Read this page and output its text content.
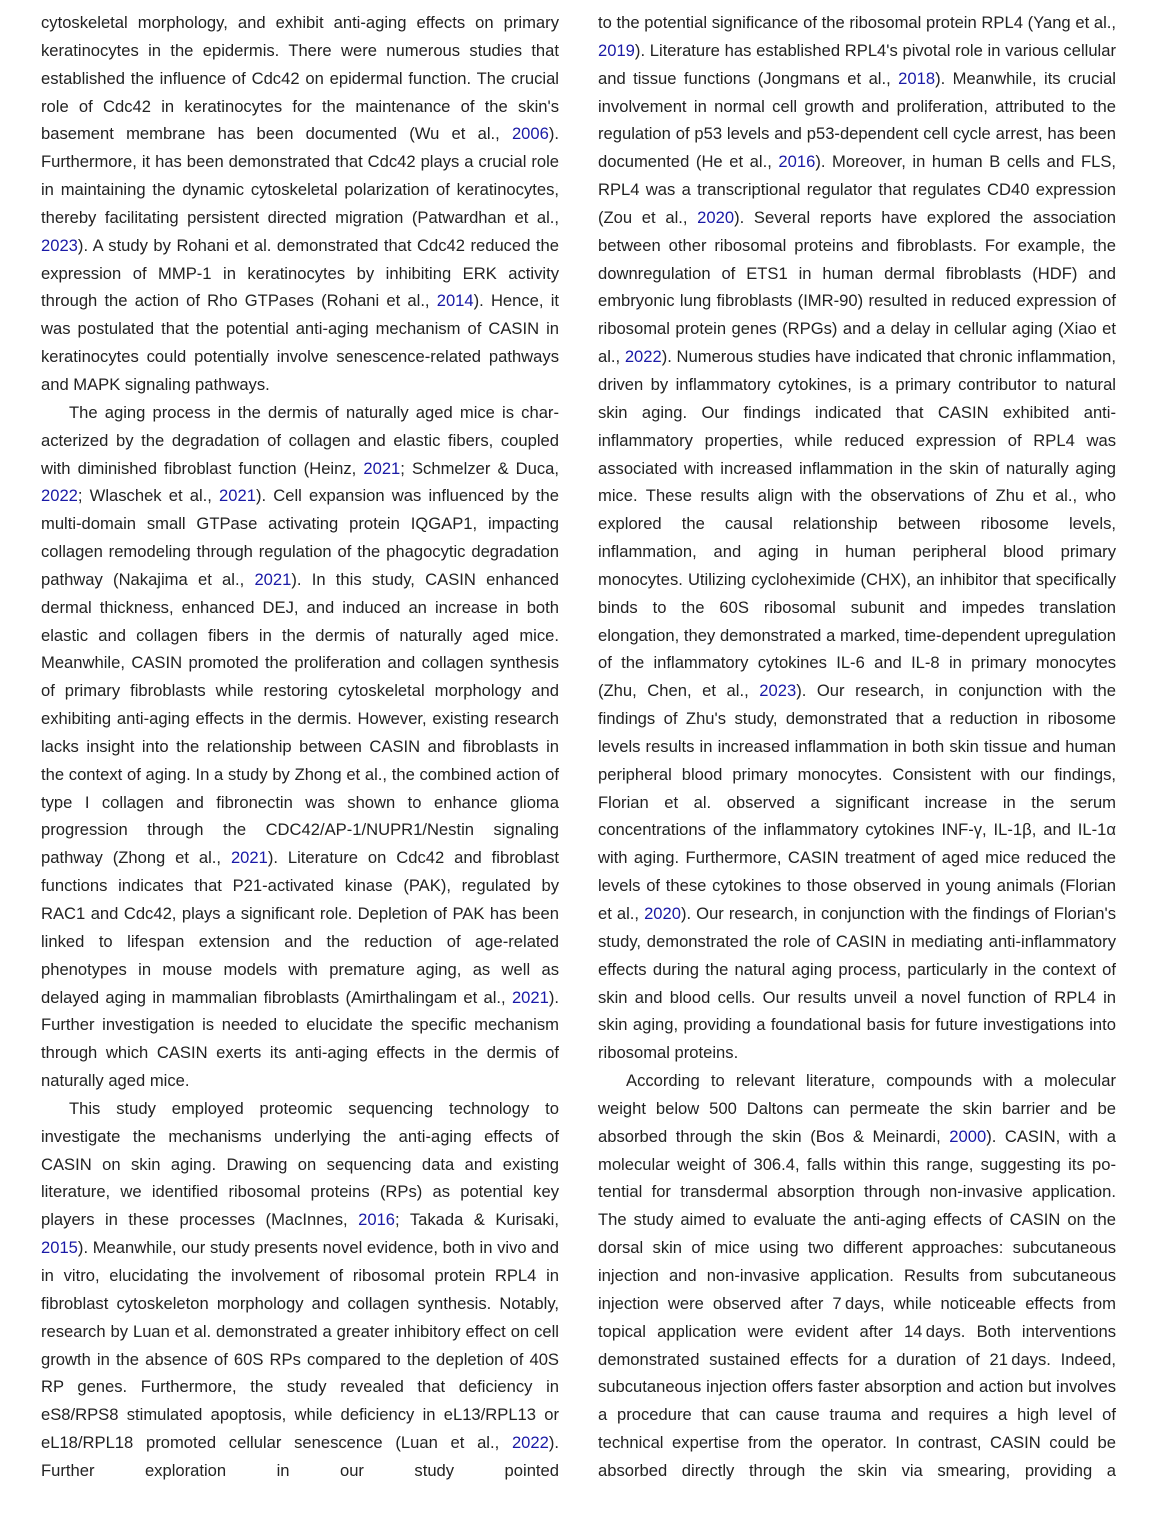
cytoskeletal morphology, and exhibit anti-aging effects on primary keratinocytes in the epidermis. There were numerous studies that established the influence of Cdc42 on epidermal function. The crucial role of Cdc42 in keratinocytes for the maintenance of the skin's basement membrane has been documented (Wu et al., 2006). Furthermore, it has been demonstrated that Cdc42 plays a crucial role in maintaining the dynamic cytoskeletal polarization of keratinocytes, thereby facilitating persistent directed migration (Patwardhan et al., 2023). A study by Rohani et al. demonstrated that Cdc42 reduced the expression of MMP-1 in keratinocytes by inhibiting ERK activity through the action of Rho GTPases (Rohani et al., 2014). Hence, it was postulated that the potential anti-aging mechanism of CASIN in keratinocytes could potentially involve senescence-related pathways and MAPK signaling pathways.

The aging process in the dermis of naturally aged mice is characterized by the degradation of collagen and elastic fibers, coupled with diminished fibroblast function (Heinz, 2021; Schmelzer & Duca, 2022; Wlaschek et al., 2021). Cell expansion was influenced by the multi-domain small GTPase activating protein IQGAP1, impacting collagen remodeling through regulation of the phagocytic degradation pathway (Nakajima et al., 2021). In this study, CASIN enhanced dermal thickness, enhanced DEJ, and induced an increase in both elastic and collagen fibers in the dermis of naturally aged mice. Meanwhile, CASIN promoted the proliferation and collagen synthesis of primary fibroblasts while restoring cytoskeletal morphology and exhibiting anti-aging effects in the dermis. However, existing research lacks insight into the relationship between CASIN and fibroblasts in the context of aging. In a study by Zhong et al., the combined action of type I collagen and fibronectin was shown to enhance glioma progression through the CDC42/AP-1/NUPR1/​Nestin signaling pathway (Zhong et al., 2021). Literature on Cdc42 and fibroblast functions indicates that P21-activated kinase (PAK), regulated by RAC1 and Cdc42, plays a significant role. Depletion of PAK has been linked to lifespan extension and the reduction of age-related phenotypes in mouse models with premature aging, as well as delayed aging in mammalian fibroblasts (Amirthalingam et al., 2021). Further investigation is needed to elucidate the specific mechanism through which CASIN exerts its anti-aging effects in the dermis of naturally aged mice.

This study employed proteomic sequencing technology to investigate the mechanisms underlying the anti-aging effects of CASIN on skin aging. Drawing on sequencing data and existing literature, we identified ribosomal proteins (RPs) as potential key players in these processes (MacInnes, 2016; Takada & Kurisaki, 2015). Meanwhile, our study presents novel evidence, both in vivo and in vitro, elucidating the involvement of ribosomal protein RPL4 in fibroblast cytoskeleton morphology and collagen synthesis. Notably, research by Luan et al. demonstrated a greater inhibitory effect on cell growth in the absence of 60S RPs compared to the depletion of 40S RP genes. Furthermore, the study revealed that deficiency in eS8/RPS8 stimulated apoptosis, while deficiency in eL13/RPL13 or eL18/RPL18 promoted cellular senescence (Luan et al., 2022). Further exploration in our study pointed

to the potential significance of the ribosomal protein RPL4 (Yang et al., 2019). Literature has established RPL4's pivotal role in various cellular and tissue functions (Jongmans et al., 2018). Meanwhile, its crucial involvement in normal cell growth and proliferation, attributed to the regulation of p53 levels and p53-dependent cell cycle arrest, has been documented (He et al., 2016). Moreover, in human B cells and FLS, RPL4 was a transcriptional regulator that regulates CD40 expression (Zou et al., 2020). Several reports have explored the association between other ribosomal proteins and fibroblasts. For example, the downregulation of ETS1 in human dermal fibroblasts (HDF) and embryonic lung fibroblasts (IMR-90) resulted in reduced expression of ribosomal protein genes (RPGs) and a delay in cellular aging (Xiao et al., 2022). Numerous studies have indicated that chronic inflammation, driven by inflammatory cytokines, is a primary contributor to natural skin aging. Our findings indicated that CASIN exhibited anti-inflammatory properties, while reduced expression of RPL4 was associated with increased inflammation in the skin of naturally aging mice. These results align with the observations of Zhu et al., who explored the causal relationship between ribosome levels, inflammation, and aging in human peripheral blood primary monocytes. Utilizing cycloheximide (CHX), an inhibitor that specifically binds to the 60S ribosomal subunit and impedes translation elongation, they demonstrated a marked, time-dependent upregulation of the inflammatory cytokines IL-6 and IL-8 in primary monocytes (Zhu, Chen, et al., 2023). Our research, in conjunction with the findings of Zhu's study, demonstrated that a reduction in ribosome levels results in increased inflammation in both skin tissue and human peripheral blood primary monocytes. Consistent with our findings, Florian et al. observed a significant increase in the serum concentrations of the inflammatory cytokines INF-γ, IL-1β, and IL-1α with aging. Furthermore, CASIN treatment of aged mice reduced the levels of these cytokines to those observed in young animals (Florian et al., 2020). Our research, in conjunction with the findings of Florian's study, demonstrated the role of CASIN in mediating anti-inflammatory effects during the natural aging process, particularly in the context of skin and blood cells. Our results unveil a novel function of RPL4 in skin aging, providing a foundational basis for future investigations into ribosomal proteins.

According to relevant literature, compounds with a molecular weight below 500 Daltons can permeate the skin barrier and be absorbed through the skin (Bos & Meinardi, 2000). CASIN, with a molecular weight of 306.4, falls within this range, suggesting its potential for transdermal absorption through non-invasive application. The study aimed to evaluate the anti-aging effects of CASIN on the dorsal skin of mice using two different approaches: subcutaneous injection and non-invasive application. Results from subcutaneous injection were observed after 7 days, while noticeable effects from topical application were evident after 14 days. Both interventions demonstrated sustained effects for a duration of 21 days. Indeed, subcutaneous injection offers faster absorption and action but involves a procedure that can cause trauma and requires a high level of technical expertise from the operator. In contrast, CASIN could be absorbed directly through the skin via smearing, providing a
